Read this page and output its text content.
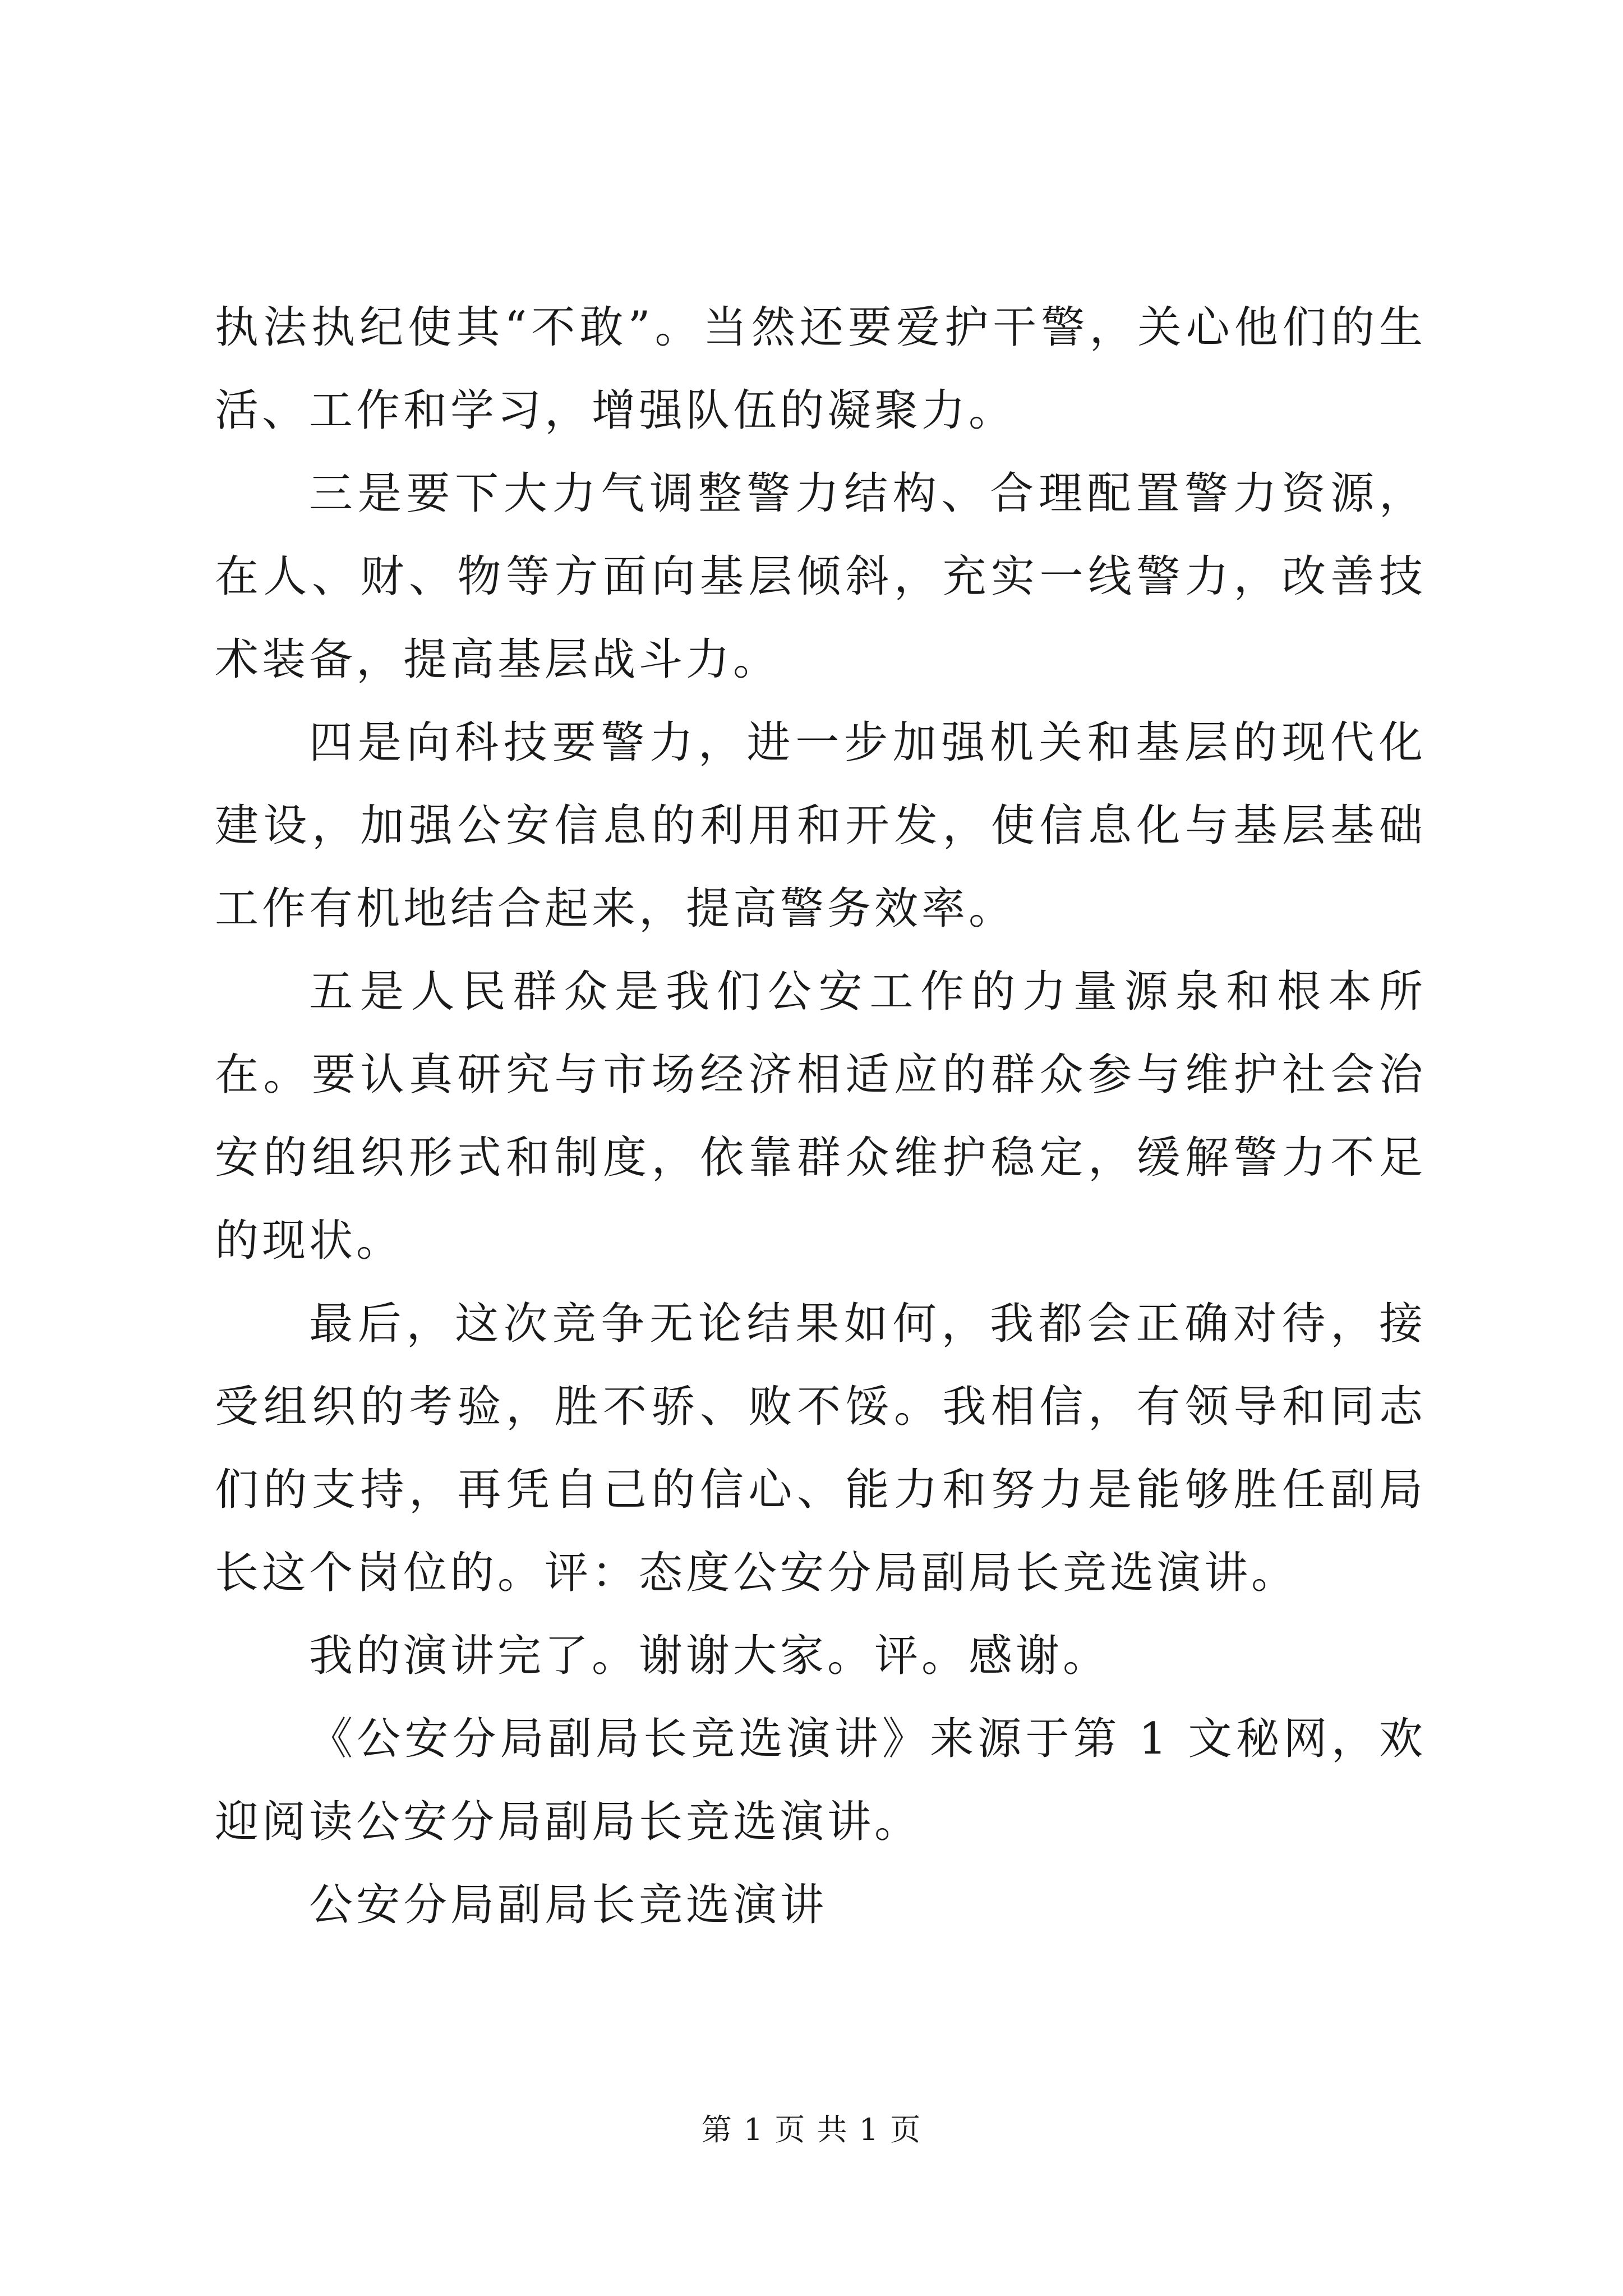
执法执纪使其“不敢”。当然还要爱护干警，关心他们的生活、工作和学习，增强队伍的凝聚力。

三是要下大力气调整警力结构、合理配置警力资源，在人、财、物等方面向基层倾斜，充实一线警力，改善技术装备，提高基层战斗力。

四是向科技要警力，进一步加强机关和基层的现代化建设，加强公安信息的利用和开发，使信息化与基层基础工作有机地结合起来，提高警务效率。

五是人民群众是我们公安工作的力量源泉和根本所在。要认真研究与市场经济相适应的群众参与维护社会治安的组织形式和制度，依靠群众维护稳定，缓解警力不足的现状。

最后，这次竞争无论结果如何，我都会正确对待，接受组织的考验，胜不骄、败不馁。我相信，有领导和同志们的支持，再凭自己的信心、能力和努力是能够胜任副局长这个岗位的。评：态度公安分局副局长竞选演讲。

我的演讲完了。谢谢大家。评。感谢。

《公安分局副局长竞选演讲》来源于第 1 文秘网，欢迎阅读公安分局副局长竞选演讲。

公安分局副局长竞选演讲

第 1 页 共 1 页
